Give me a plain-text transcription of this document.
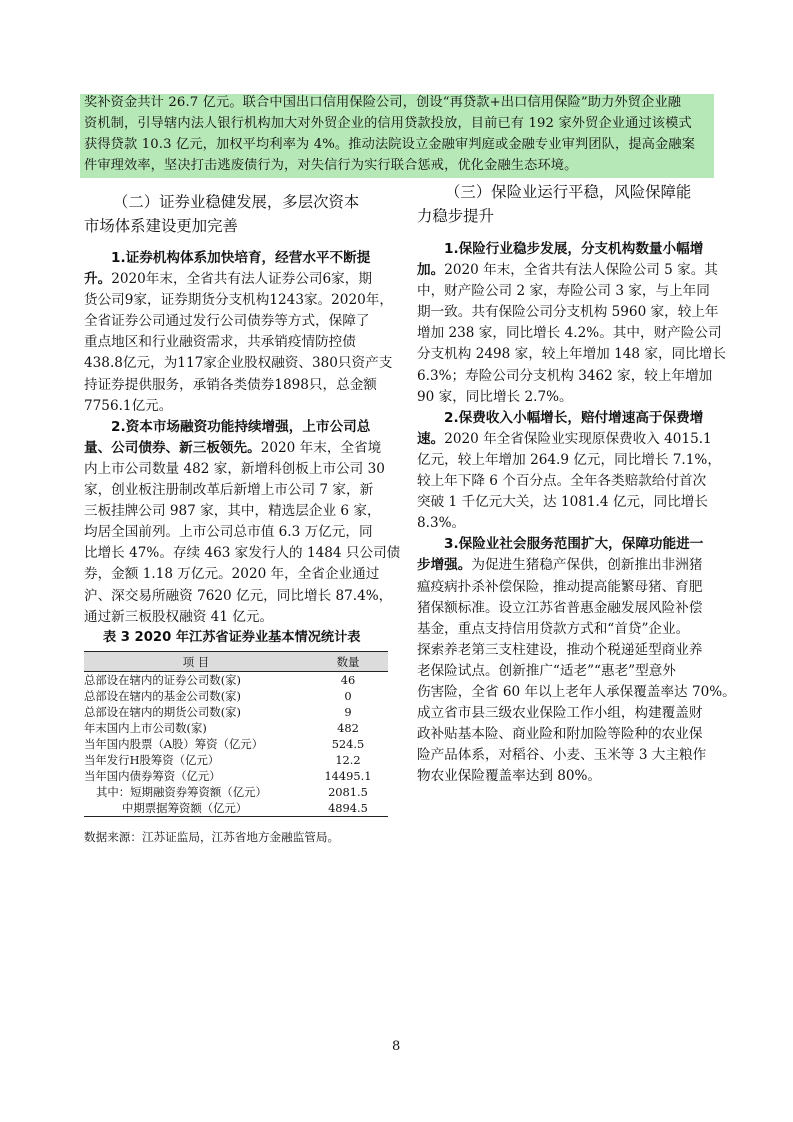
奖补资金共计 26.7 亿元。联合中国出口信用保险公司，创设“再贷款+出口信用保险”助力外贸企业融
资机制，引导辖内法人银行机构加大对外贸企业的信用贷款投放，目前已有 192 家外贸企业通过该模式
获得贷款 10.3 亿元，加权平均利率为 4%。推动法院设立金融审判庭或金融专业审判团队，提高金融案
件审理效率，坚决打击逃废债行为，对失信行为实行联合惩戒，优化金融生态环境。

（二）证券业稳健发展，多层次资本

市场体系建设更加完善

1.证券机构体系加快培育，经营水平不断提

升。2020年末，全省共有法人证券公司6家，期

货公司9家，证券期货分支机构1243家。2020年，

全省证券公司通过发行公司债券等方式，保障了

重点地区和行业融资需求，共承销疫情防控债

438.8亿元，为117家企业股权融资、380只资产支

持证券提供服务，承销各类债券1898只，总金额

7756.1亿元。

2.资本市场融资功能持续增强，上市公司总

量、公司债券、新三板领先。2020 年末，全省境

内上市公司数量 482 家，新增科创板上市公司 30

家，创业板注册制改革后新增上市公司 7 家，新

三板挂牌公司 987 家，其中，精选层企业 6 家，

均居全国前列。上市公司总市值 6.3 万亿元，同

比增长 47%。存续 463 家发行人的 1484 只公司债

券，金额 1.18 万亿元。2020 年，全省企业通过

沪、深交易所融资 7620 亿元，同比增长 87.4%，

通过新三板股权融资 41 亿元。

表 3 2020 年江苏省证券业基本情况统计表
项 目	数量
总部设在辖内的证券公司数(家)	46
总部设在辖内的基金公司数(家)	0
总部设在辖内的期货公司数(家)	9
年末国内上市公司数(家)	482
当年国内股票（A股）筹资（亿元）	524.5
当年发行H股筹资（亿元）	12.2
当年国内债券筹资（亿元）	14495.1
其中：短期融资券筹资额（亿元）	2081.5
中期票据筹资额（亿元）	4894.5
数据来源：江苏证监局，江苏省地方金融监管局。

（三）保险业运行平稳，风险保障能

力稳步提升

1.保险行业稳步发展，分支机构数量小幅增

加。2020 年末，全省共有法人保险公司 5 家。其

中，财产险公司 2 家，寿险公司 3 家，与上年同

期一致。共有保险公司分支机构 5960 家，较上年

增加 238 家，同比增长 4.2%。其中，财产险公司

分支机构 2498 家，较上年增加 148 家，同比增长

6.3%；寿险公司分支机构 3462 家，较上年增加

90 家，同比增长 2.7%。

2.保费收入小幅增长，赔付增速高于保费增

速。2020 年全省保险业实现原保费收入 4015.1

亿元，较上年增加 264.9 亿元，同比增长 7.1%，

较上年下降 6 个百分点。全年各类赔款给付首次

突破 1 千亿元大关，达 1081.4 亿元，同比增长

8.3%。

3.保险业社会服务范围扩大，保障功能进一

步增强。为促进生猪稳产保供，创新推出非洲猪

瘟疫病扑杀补偿保险，推动提高能繁母猪、育肥

猪保额标准。设立江苏省普惠金融发展风险补偿

基金，重点支持信用贷款方式和“首贷”企业。

探索养老第三支柱建设，推动个税递延型商业养

老保险试点。创新推广“适老”“惠老”型意外

伤害险，全省 60 年以上老年人承保覆盖率达 70%。

成立省市县三级农业保险工作小组，构建覆盖财

政补贴基本险、商业险和附加险等险种的农业保

险产品体系，对稻谷、小麦、玉米等 3 大主粮作

物农业保险覆盖率达到 80%。

8
